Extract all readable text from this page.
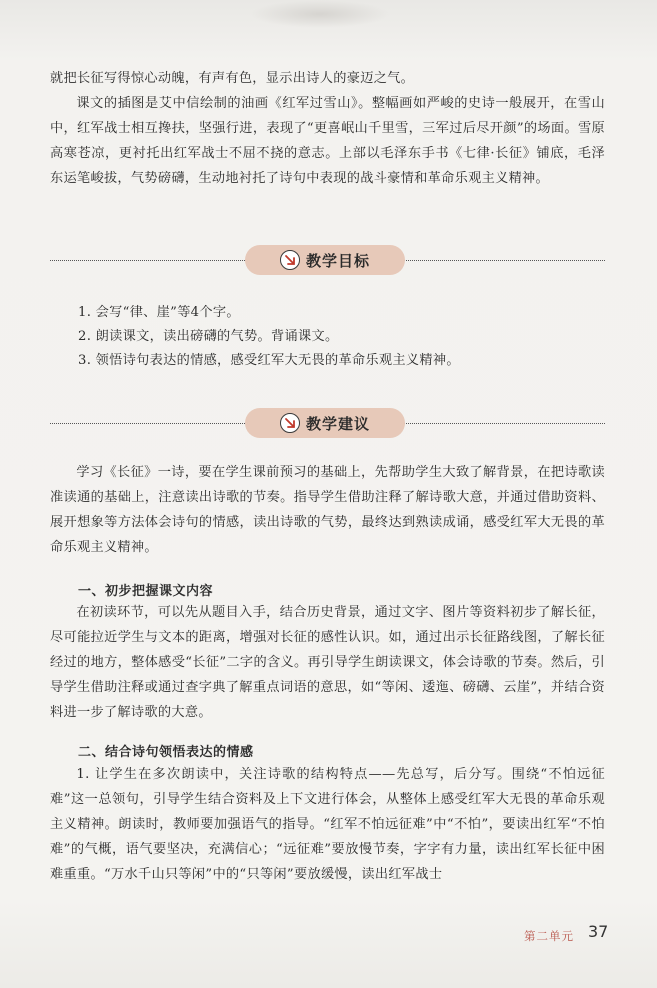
就把长征写得惊心动魄，有声有色，显示出诗人的豪迈之气。

课文的插图是艾中信绘制的油画《红军过雪山》。整幅画如严峻的史诗一般展开，在雪山中，红军战士相互搀扶，坚强行进，表现了“更喜岷山千里雪，三军过后尽开颜”的场面。雪原高寒苍凉，更衬托出红军战士不屈不挠的意志。上部以毛泽东手书《七律·长征》铺底，毛泽东运笔峻拔，气势磅礴，生动地衬托了诗句中表现的战斗豪情和革命乐观主义精神。

教学目标
1. 会写“律、崖”等4个字。
2. 朗读课文，读出磅礴的气势。背诵课文。
3. 领悟诗句表达的情感，感受红军大无畏的革命乐观主义精神。
教学建议

学习《长征》一诗，要在学生课前预习的基础上，先帮助学生大致了解背景，在把诗歌读准读通的基础上，注意读出诗歌的节奏。指导学生借助注释了解诗歌大意，并通过借助资料、展开想象等方法体会诗句的情感，读出诗歌的气势，最终达到熟读成诵，感受红军大无畏的革命乐观主义精神。

一、初步把握课文内容

在初读环节，可以先从题目入手，结合历史背景，通过文字、图片等资料初步了解长征，尽可能拉近学生与文本的距离，增强对长征的感性认识。如，通过出示长征路线图，了解长征经过的地方，整体感受“长征”二字的含义。再引导学生朗读课文，体会诗歌的节奏。然后，引导学生借助注释或通过查字典了解重点词语的意思，如“等闲、逶迤、磅礴、云崖”，并结合资料进一步了解诗歌的大意。

二、结合诗句领悟表达的情感

1. 让学生在多次朗读中，关注诗歌的结构特点——先总写，后分写。围绕“不怕远征难”这一总领句，引导学生结合资料及上下文进行体会，从整体上感受红军大无畏的革命乐观主义精神。朗读时，教师要加强语气的指导。“红军不怕远征难”中“不怕”，要读出红军“不怕难”的气概，语气要坚决，充满信心；“远征难”要放慢节奏，字字有力量，读出红军长征中困难重重。“万水千山只等闲”中的“只等闲”要放缓慢，读出红军战士

第二单元 37
